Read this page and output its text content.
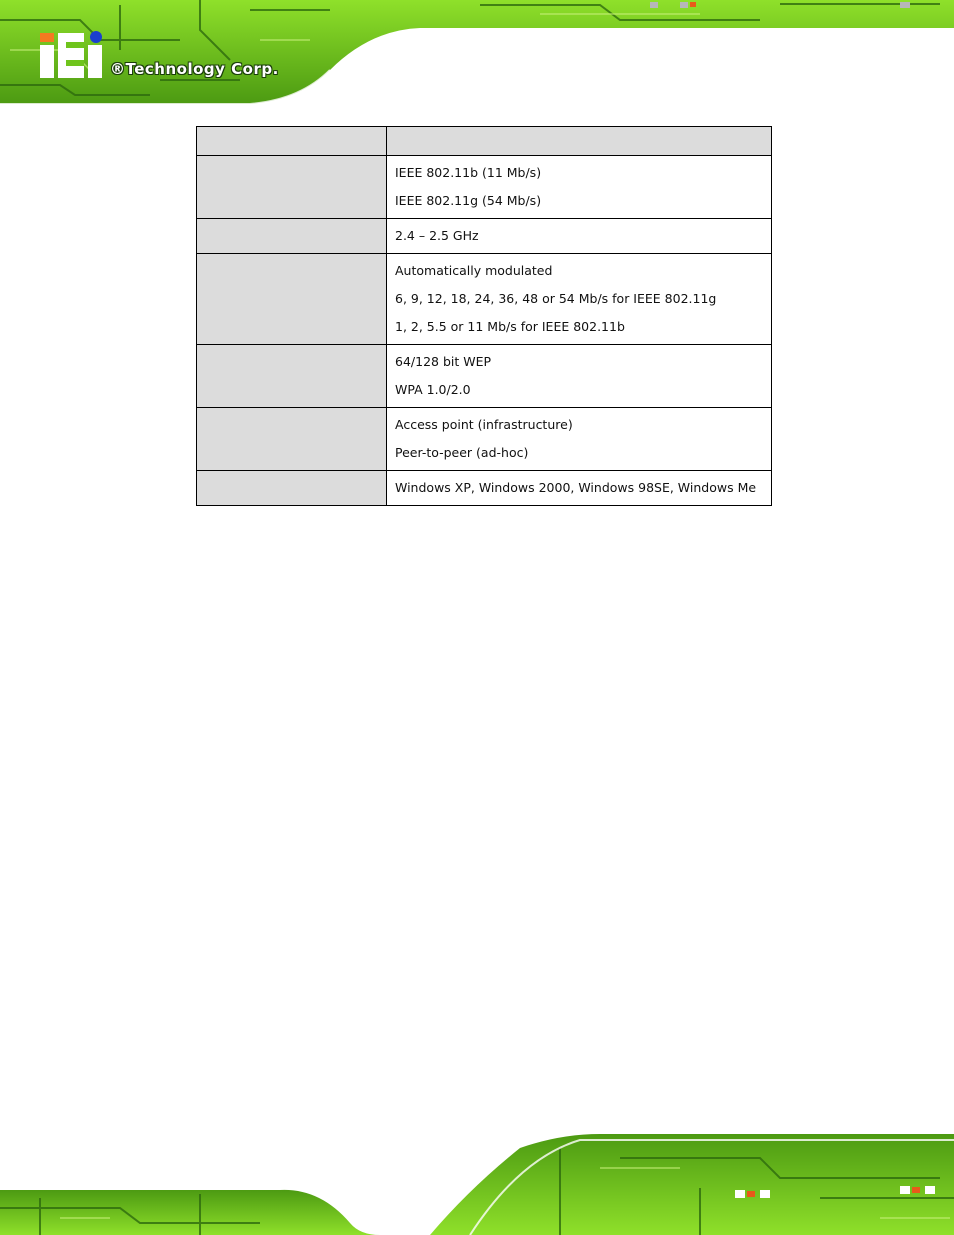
®Technology Corp.

	IEEE 802.11b (11 Mb/s)
IEEE 802.11g (54 Mb/s)

	2.4 – 2.5 GHz

	Automatically modulated
6, 9, 12, 18, 24, 36, 48 or 54 Mb/s for IEEE 802.11g
1, 2, 5.5 or 11 Mb/s for IEEE 802.11b

	64/128 bit WEP
WPA 1.0/2.0

	Access point (infrastructure)
Peer-to-peer (ad-hoc)

	Windows XP, Windows 2000, Windows 98SE, Windows Me
